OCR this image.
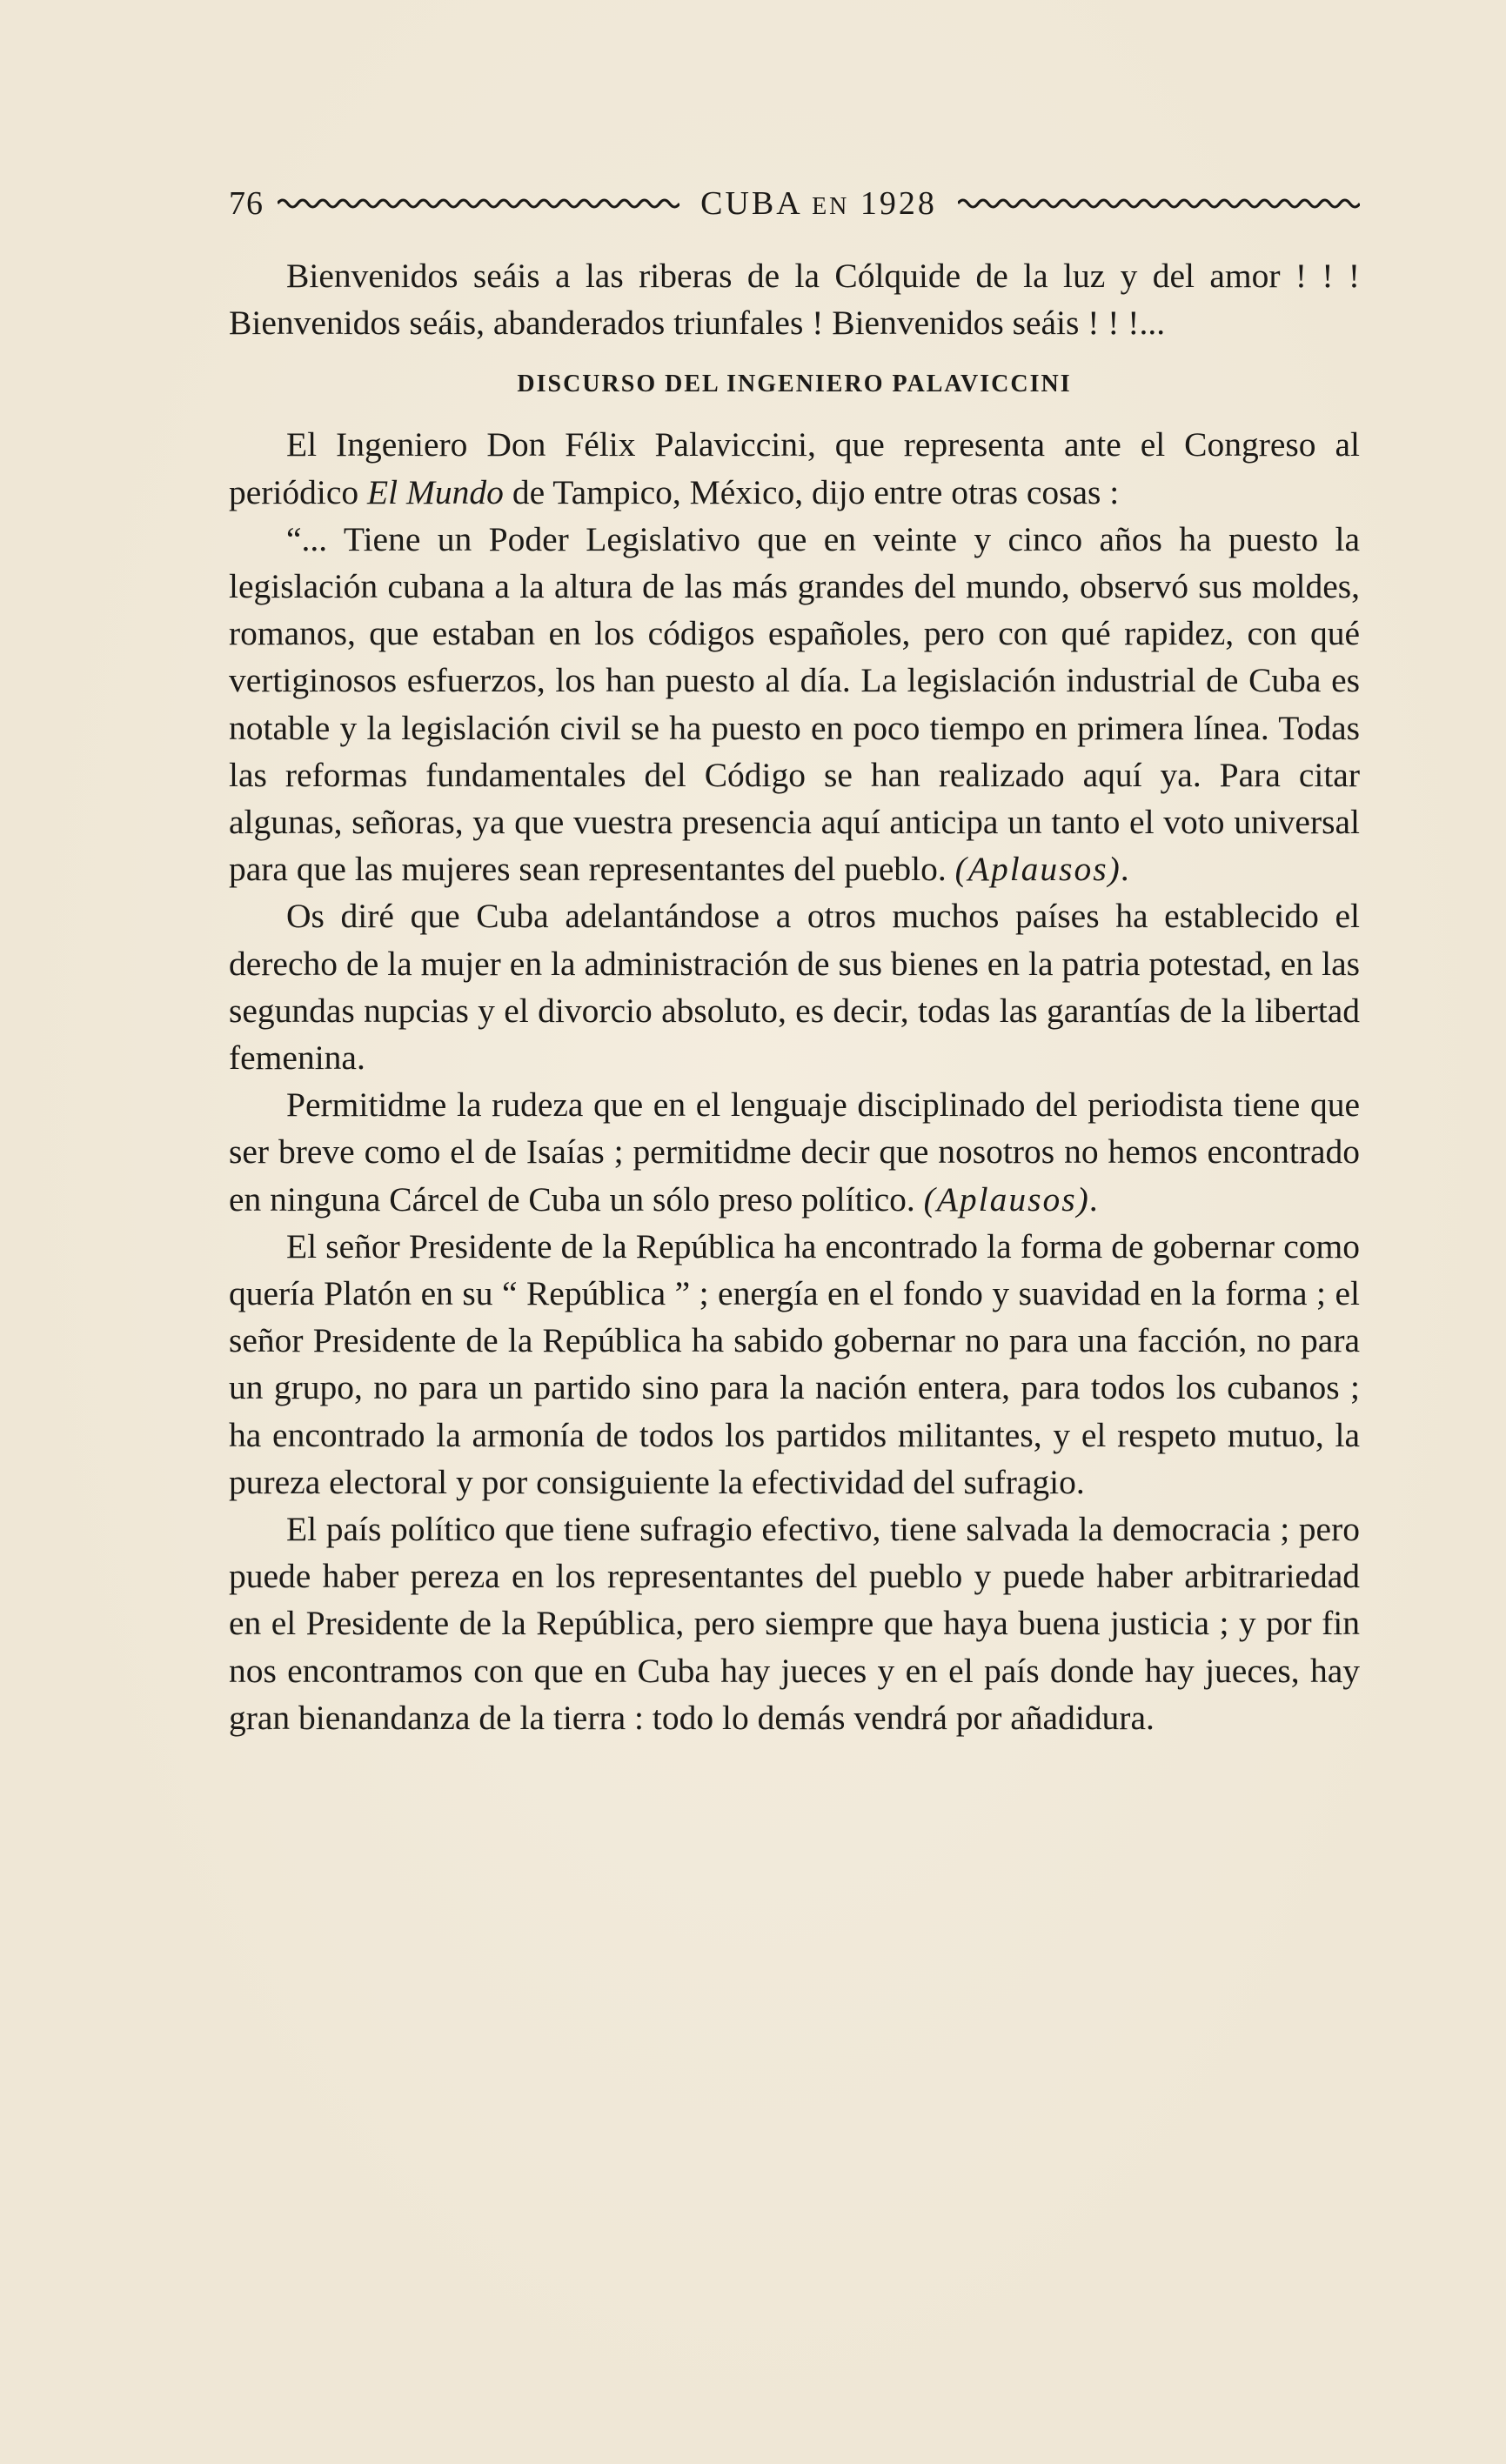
76	CUBA EN 1928

Bienvenidos seáis a las riberas de la Cólquide de la luz y del amor ! ! ! Bienvenidos seáis, abanderados triunfales ! Bienvenidos seáis ! ! !...

DISCURSO DEL INGENIERO PALAVICCINI

El Ingeniero Don Félix Palaviccini, que representa ante el Congreso al periódico El Mundo de Tampico, México, dijo entre otras cosas :

“... Tiene un Poder Legislativo que en veinte y cinco años ha puesto la legislación cubana a la altura de las más grandes del mundo, observó sus moldes, romanos, que estaban en los códigos españoles, pero con qué rapidez, con qué vertiginosos esfuerzos, los han puesto al día. La legislación industrial de Cuba es notable y la legislación civil se ha puesto en poco tiempo en primera línea. Todas las reformas fundamentales del Código se han realizado aquí ya. Para citar algunas, señoras, ya que vuestra presencia aquí anticipa un tanto el voto universal para que las mujeres sean representantes del pueblo. (Aplausos).

Os diré que Cuba adelantándose a otros muchos países ha establecido el derecho de la mujer en la administración de sus bienes en la patria potestad, en las segundas nupcias y el divorcio absoluto, es decir, todas las garantías de la libertad femenina.

Permitidme la rudeza que en el lenguaje disciplinado del periodista tiene que ser breve como el de Isaías ; permitidme decir que nosotros no hemos encontrado en ninguna Cárcel de Cuba un sólo preso político. (Aplausos).

El señor Presidente de la República ha encontrado la forma de gobernar como quería Platón en su “ República ” ; energía en el fondo y suavidad en la forma ; el señor Presidente de la República ha sabido gobernar no para una facción, no para un grupo, no para un partido sino para la nación entera, para todos los cubanos ; ha encontrado la armonía de todos los partidos militantes, y el respeto mutuo, la pureza electoral y por consiguiente la efectividad del sufragio.

El país político que tiene sufragio efectivo, tiene salvada la democracia ; pero puede haber pereza en los representantes del pueblo y puede haber arbitrariedad en el Presidente de la República, pero siempre que haya buena justicia ; y por fin nos encontramos con que en Cuba hay jueces y en el país donde hay jueces, hay gran bienandanza de la tierra : todo lo demás vendrá por añadidura.
